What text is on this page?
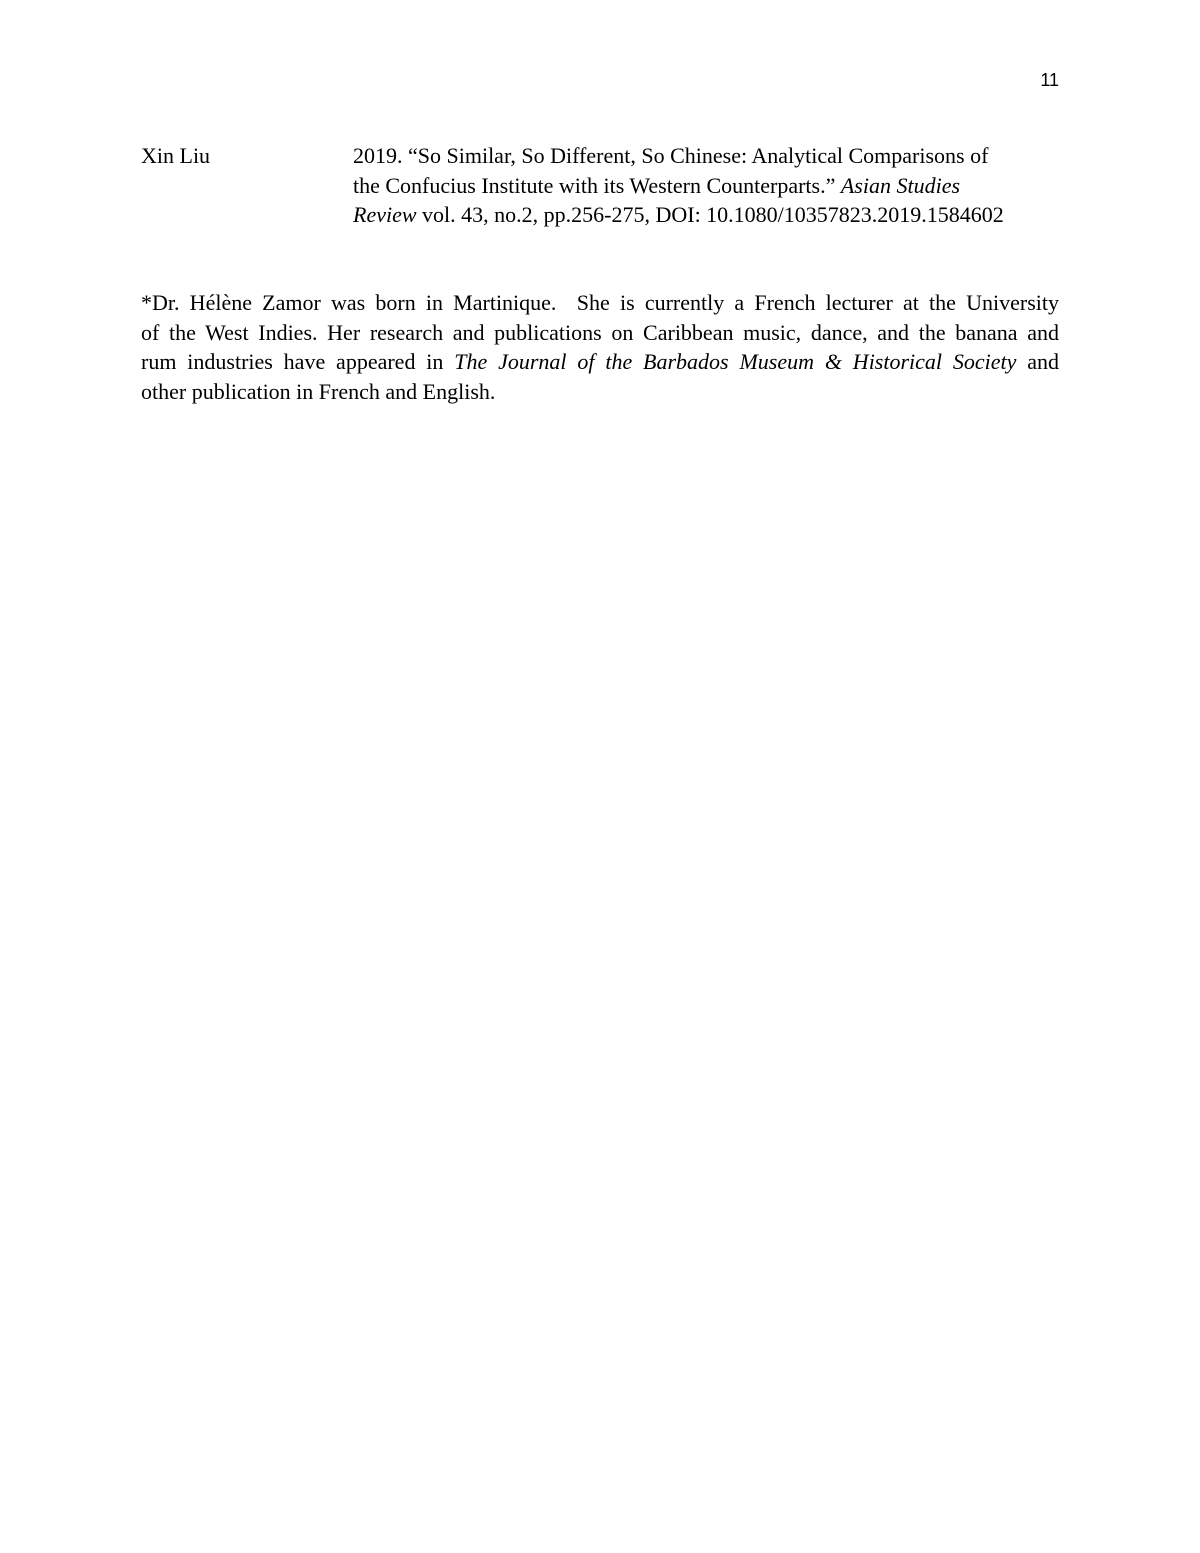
11
Xin Liu	2019. “So Similar, So Different, So Chinese: Analytical Comparisons of
the Confucius Institute with its Western Counterparts.” Asian Studies
Review vol. 43, no.2, pp.256-275, DOI: 10.1080/10357823.2019.1584602
*Dr. Hélène Zamor was born in Martinique.  She is currently a French lecturer at the University
of the West Indies. Her research and publications on Caribbean music, dance, and the banana and
rum industries have appeared in The Journal of the Barbados Museum & Historical Society and
other publication in French and English.
